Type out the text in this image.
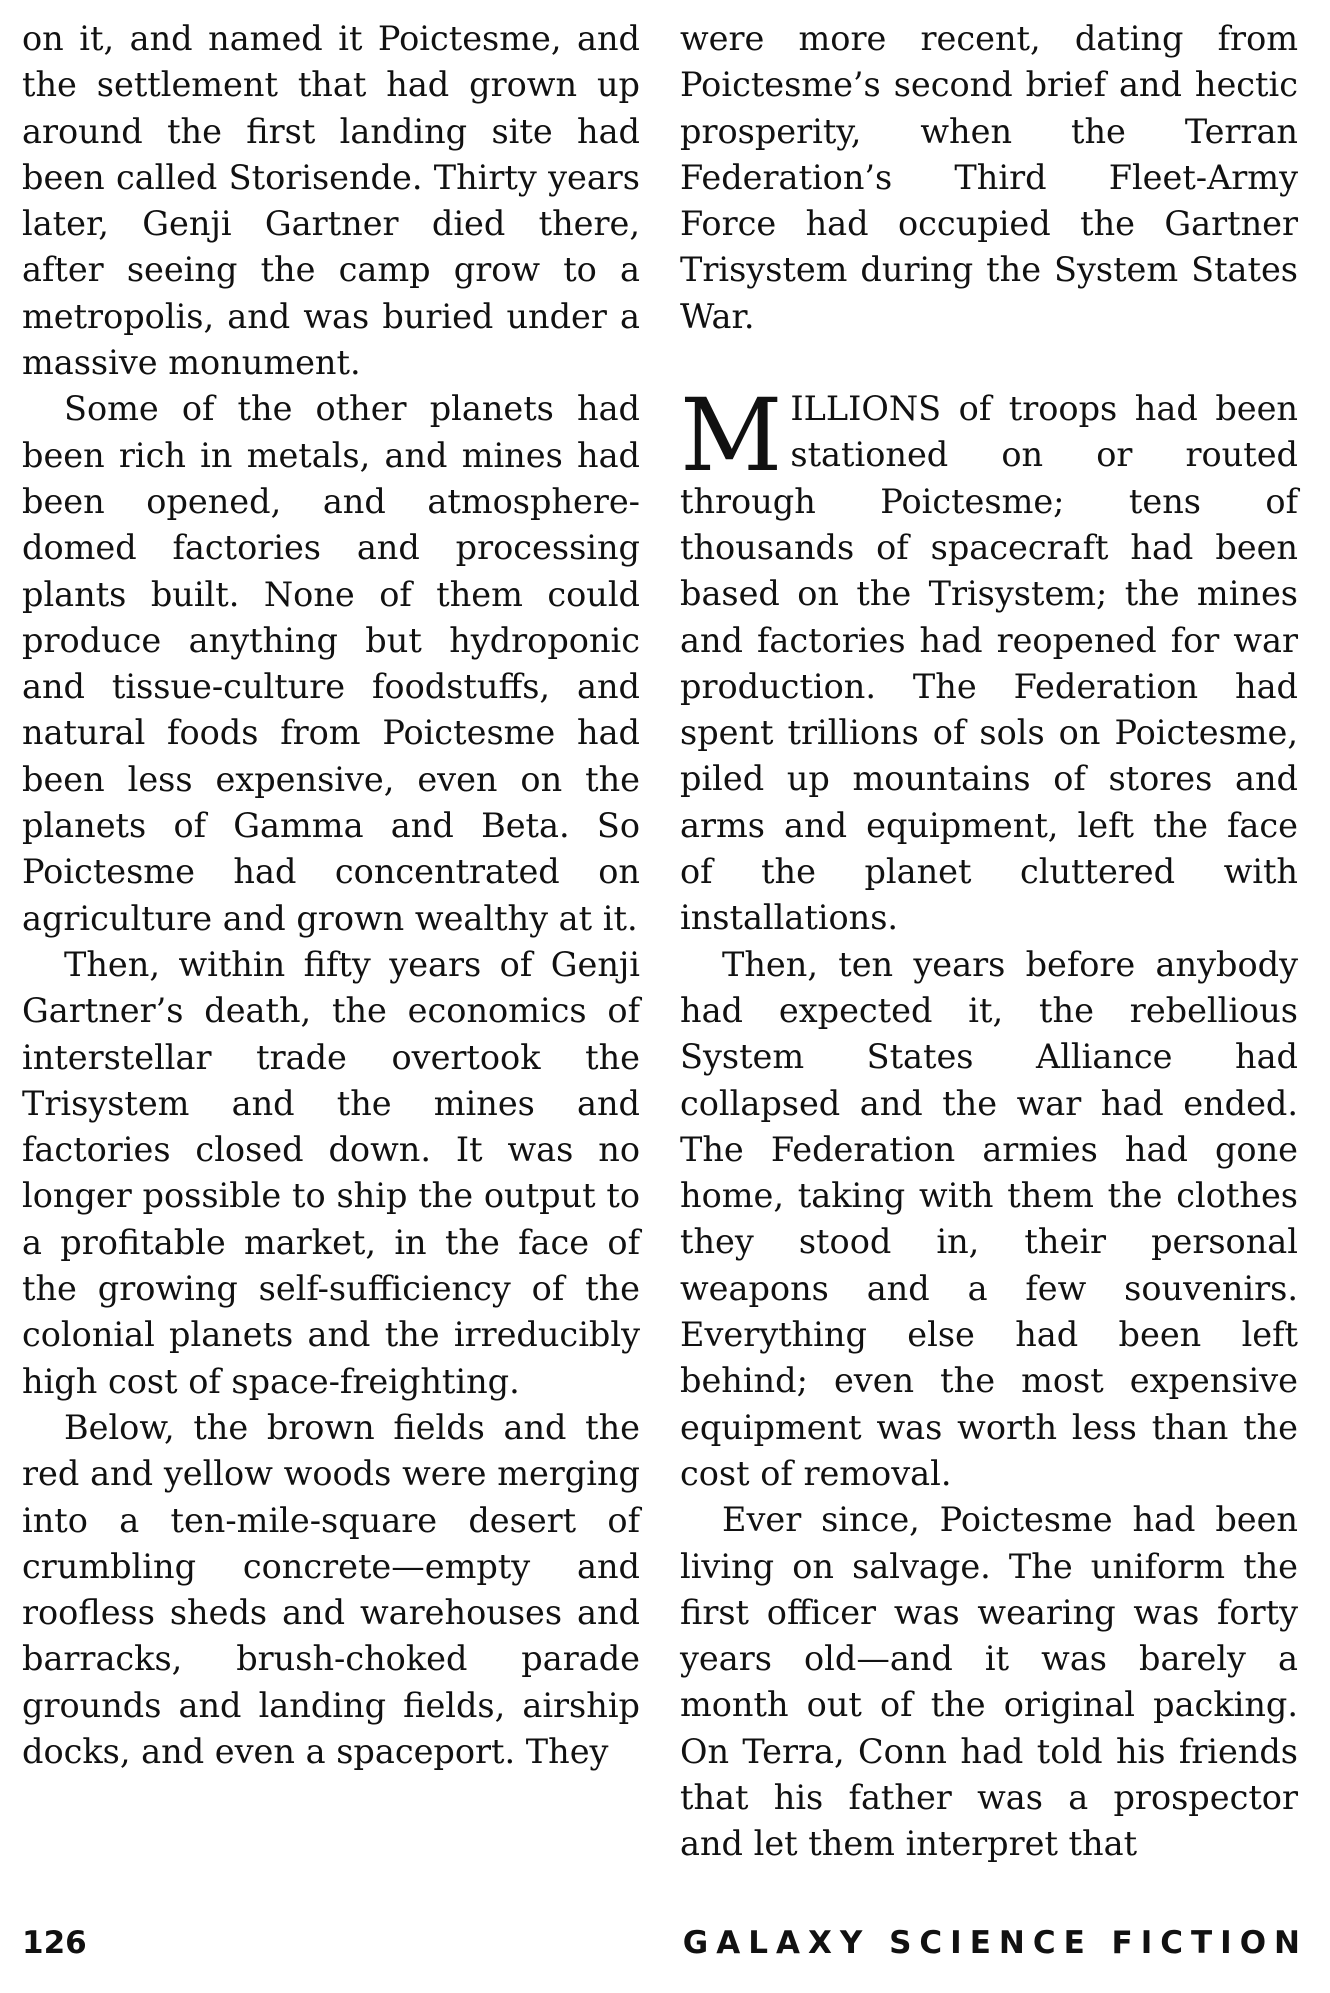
on it, and named it Poictesme, and the settlement that had grown up around the first landing site had been called Storisende. Thirty years later, Genji Gartner died there, after seeing the camp grow to a metropolis, and was buried under a massive monument.

Some of the other planets had been rich in metals, and mines had been opened, and atmosphere-domed factories and processing plants built. None of them could produce anything but hydroponic and tissue-culture foodstuffs, and natural foods from Poictesme had been less expensive, even on the planets of Gamma and Beta. So Poictesme had concentrated on agriculture and grown wealthy at it.

Then, within fifty years of Genji Gartner’s death, the economics of interstellar trade overtook the Trisystem and the mines and factories closed down. It was no longer possible to ship the output to a profitable market, in the face of the growing self-sufficiency of the colonial planets and the irreducibly high cost of space-freighting.

Below, the brown fields and the red and yellow woods were merging into a ten-mile-square desert of crumbling concrete—empty and roofless sheds and warehouses and barracks, brush-choked parade grounds and landing fields, airship docks, and even a spaceport. They

were more recent, dating from Poictesme’s second brief and hectic prosperity, when the Terran Federation’s Third Fleet-Army Force had occupied the Gartner Trisystem during the System States War.

MILLIONS of troops had been stationed on or routed through Poictesme; tens of thousands of spacecraft had been based on the Trisystem; the mines and factories had reopened for war production. The Federation had spent trillions of sols on Poictesme, piled up mountains of stores and arms and equipment, left the face of the planet cluttered with installations.

Then, ten years before anybody had expected it, the rebellious System States Alliance had collapsed and the war had ended. The Federation armies had gone home, taking with them the clothes they stood in, their personal weapons and a few souvenirs. Everything else had been left behind; even the most expensive equipment was worth less than the cost of removal.

Ever since, Poictesme had been living on salvage. The uniform the first officer was wearing was forty years old—and it was barely a month out of the original packing. On Terra, Conn had told his friends that his father was a prospector and let them interpret that

126	GALAXY SCIENCE FICTION
